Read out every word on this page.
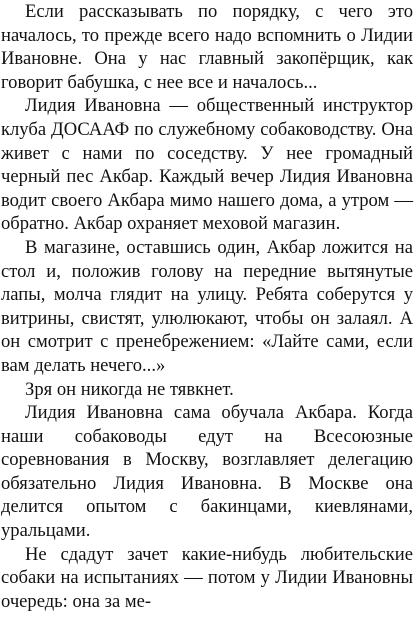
Если рассказывать по порядку, с чего это началось, то прежде всего надо вспомнить о Лидии Ивановне. Она у нас главный закопёрщик, как говорит бабушка, с нее все и началось...

Лидия Ивановна — общественный инструктор клуба ДОСААФ по служебному собаководству. Она живет с нами по соседству. У нее громадный черный пес Акбар. Каждый вечер Лидия Ивановна водит своего Акбара мимо нашего дома, а утром — обратно. Акбар охраняет меховой магазин.

В магазине, оставшись один, Акбар ложится на стол и, положив голову на передние вытянутые лапы, молча глядит на улицу. Ребята соберутся у витрины, свистят, улюлюкают, чтобы он залаял. А он смотрит с пренебрежением: «Лайте сами, если вам делать нечего...»

Зря он никогда не тявкнет.

Лидия Ивановна сама обучала Акбара. Когда наши собаководы едут на Всесоюзные соревнования в Москву, возглавляет делегацию обязательно Лидия Ивановна. В Москве она делится опытом с бакинцами, киевлянами, уральцами.

Не сдадут зачет какие-нибудь любительские собаки на испытаниях — потом у Лидии Ивановны очередь: она за ме-
